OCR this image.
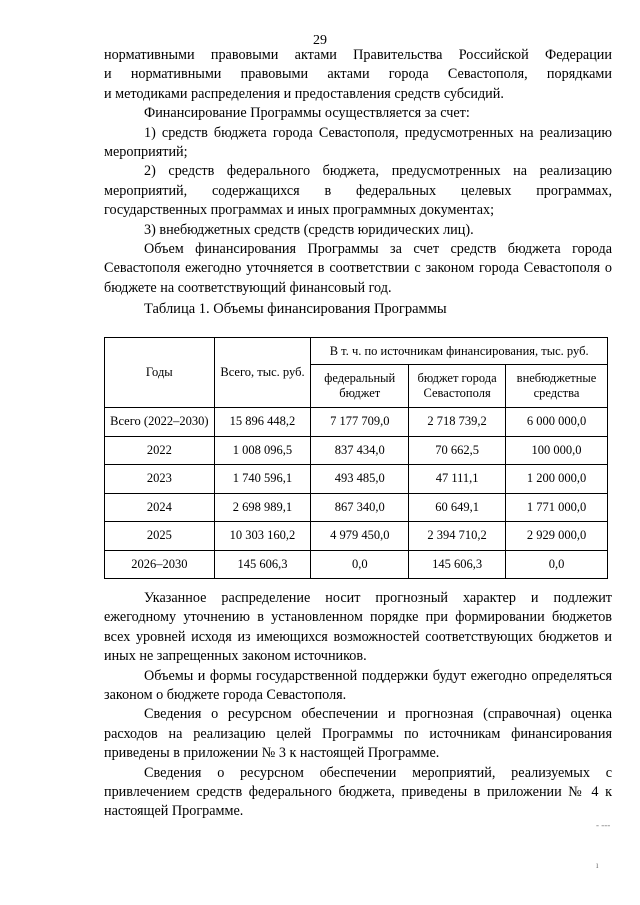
29

нормативными правовыми актами Правительства Российской Федерации

и нормативными правовыми актами города Севастополя, порядками

и методиками распределения и предоставления средств субсидий.

Финансирование Программы осуществляется за счет:

1) средств бюджета города Севастополя, предусмотренных на реализацию мероприятий;

2) средств федерального бюджета, предусмотренных на реализацию мероприятий, содержащихся в федеральных целевых программах, государственных программах и иных программных документах;

3) внебюджетных средств (средств юридических лиц).

Объем финансирования Программы за счет средств бюджета города Севастополя ежегодно уточняется в соответствии с законом города Севастополя о бюджете на соответствующий финансовый год.

Таблица 1. Объемы финансирования Программы
Годы	Всего, тыс. руб.	В т. ч. по источникам финансирования, тыс. руб.		
		федеральный бюджет	бюджет города Севастополя	внебюджетные средства
Всего (2022–2030)	15 896 448,2	7 177 709,0	2 718 739,2	6 000 000,0
2022	1 008 096,5	837 434,0	70 662,5	100 000,0
2023	1 740 596,1	493 485,0	47 111,1	1 200 000,0
2024	2 698 989,1	867 340,0	60 649,1	1 771 000,0
2025	10 303 160,2	4 979 450,0	2 394 710,2	2 929 000,0
2026–2030	145 606,3	0,0	145 606,3	0,0

Указанное распределение носит прогнозный характер и подлежит ежегодному уточнению в установленном порядке при формировании бюджетов всех уровней исходя из имеющихся возможностей соответствующих бюджетов и иных не запрещенных законом источников.

Объемы и формы государственной поддержки будут ежегодно определяться законом о бюджете города Севастополя.

Сведения о ресурсном обеспечении и прогнозная (справочная) оценка расходов на реализацию целей Программы по источникам финансирования приведены в приложении № 3 к настоящей Программе.

Сведения о ресурсном обеспечении мероприятий, реализуемых с привлечением средств федерального бюджета, приведены в приложении № 4 к настоящей Программе.

‐ ‐‐‐
ı
